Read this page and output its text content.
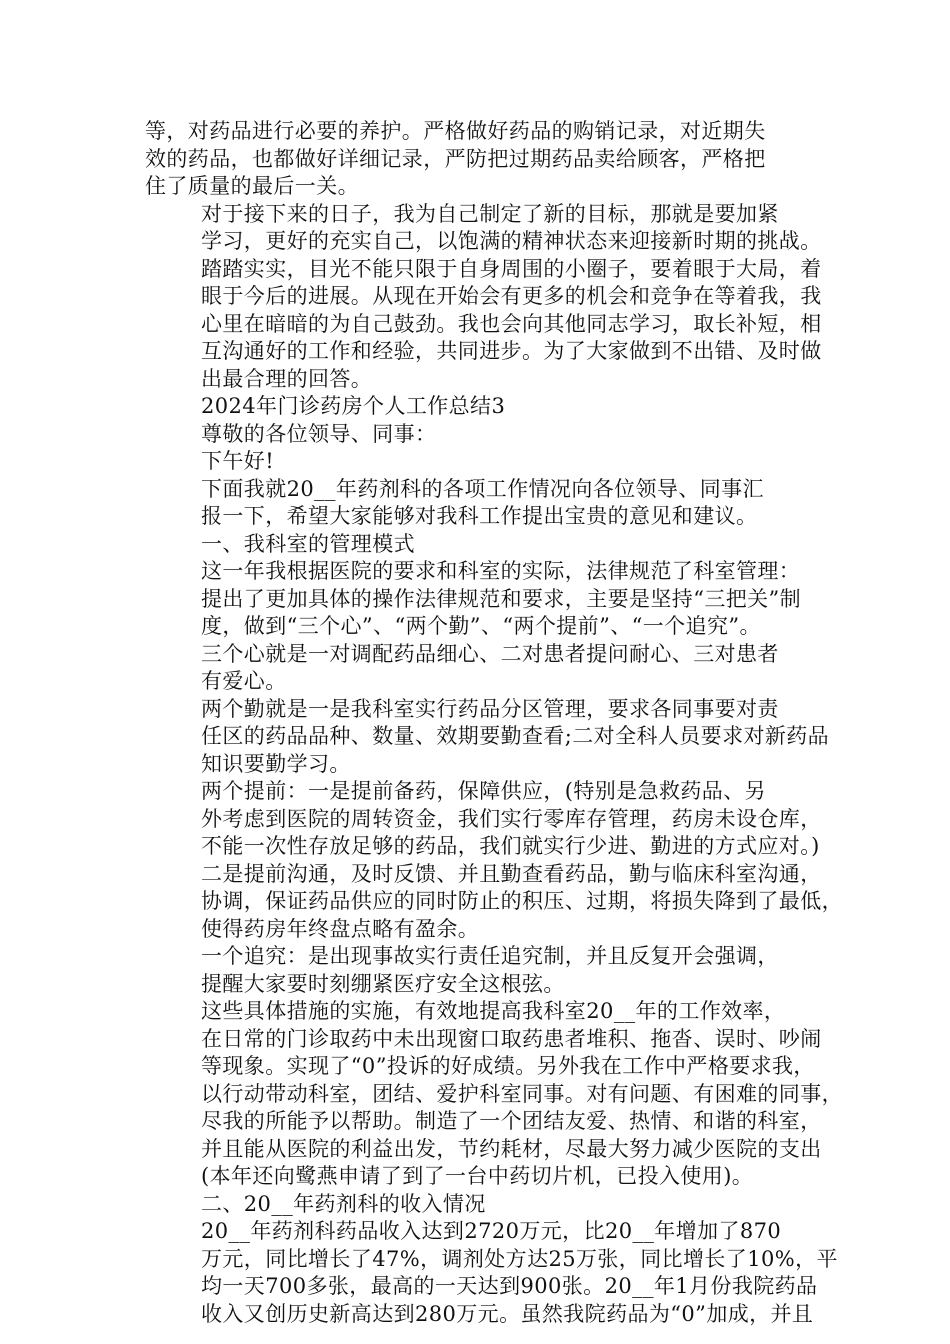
等，对药品进行必要的养护。严格做好药品的购销记录，对近期失
效的药品，也都做好详细记录，严防把过期药品卖给顾客，严格把
住了质量的最后一关。

对于接下来的日子，我为自己制定了新的目标，那就是要加紧
学习，更好的充实自己，以饱满的精神状态来迎接新时期的挑战。
踏踏实实，目光不能只限于自身周围的小圈子，要着眼于大局，着
眼于今后的进展。从现在开始会有更多的机会和竞争在等着我，我
心里在暗暗的为自己鼓劲。我也会向其他同志学习，取长补短，相
互沟通好的工作和经验，共同进步。为了大家做到不出错、及时做
出最合理的回答。

2024年门诊药房个人工作总结3

尊敬的各位领导、同事：

下午好!

下面我就20__年药剂科的各项工作情况向各位领导、同事汇
报一下，希望大家能够对我科工作提出宝贵的意见和建议。

一、我科室的管理模式

这一年我根据医院的要求和科室的实际，法律规范了科室管理：
提出了更加具体的操作法律规范和要求，主要是坚持“三把关”制
度，做到“三个心”、“两个勤”、“两个提前”、“一个追究”。

三个心就是一对调配药品细心、二对患者提问耐心、三对患者
有爱心。

两个勤就是一是我科室实行药品分区管理，要求各同事要对责
任区的药品品种、数量、效期要勤查看;二对全科人员要求对新药品
知识要勤学习。

两个提前：一是提前备药，保障供应，(特别是急救药品、另
外考虑到医院的周转资金，我们实行零库存管理，药房未设仓库，
不能一次性存放足够的药品，我们就实行少进、勤进的方式应对。)
二是提前沟通，及时反馈、并且勤查看药品，勤与临床科室沟通，
协调，保证药品供应的同时防止的积压、过期，将损失降到了最低，
使得药房年终盘点略有盈余。

一个追究：是出现事故实行责任追究制，并且反复开会强调，
提醒大家要时刻绷紧医疗安全这根弦。

这些具体措施的实施，有效地提高我科室20__年的工作效率，
在日常的门诊取药中未出现窗口取药患者堆积、拖沓、误时、吵闹
等现象。实现了“0”投诉的好成绩。另外我在工作中严格要求我，
以行动带动科室，团结、爱护科室同事。对有问题、有困难的同事，
尽我的所能予以帮助。制造了一个团结友爱、热情、和谐的科室，
并且能从医院的利益出发，节约耗材，尽最大努力减少医院的支出
(本年还向鹭燕申请了到了一台中药切片机，已投入使用)。

二、20__年药剂科的收入情况

20__年药剂科药品收入达到2720万元，比20__年增加了870
万元，同比增长了47%，调剂处方达25万张，同比增长了10%，平
均一天700多张，最高的一天达到900张。20__年1月份我院药品
收入又创历史新高达到280万元。虽然我院药品为“0”加成，并且
